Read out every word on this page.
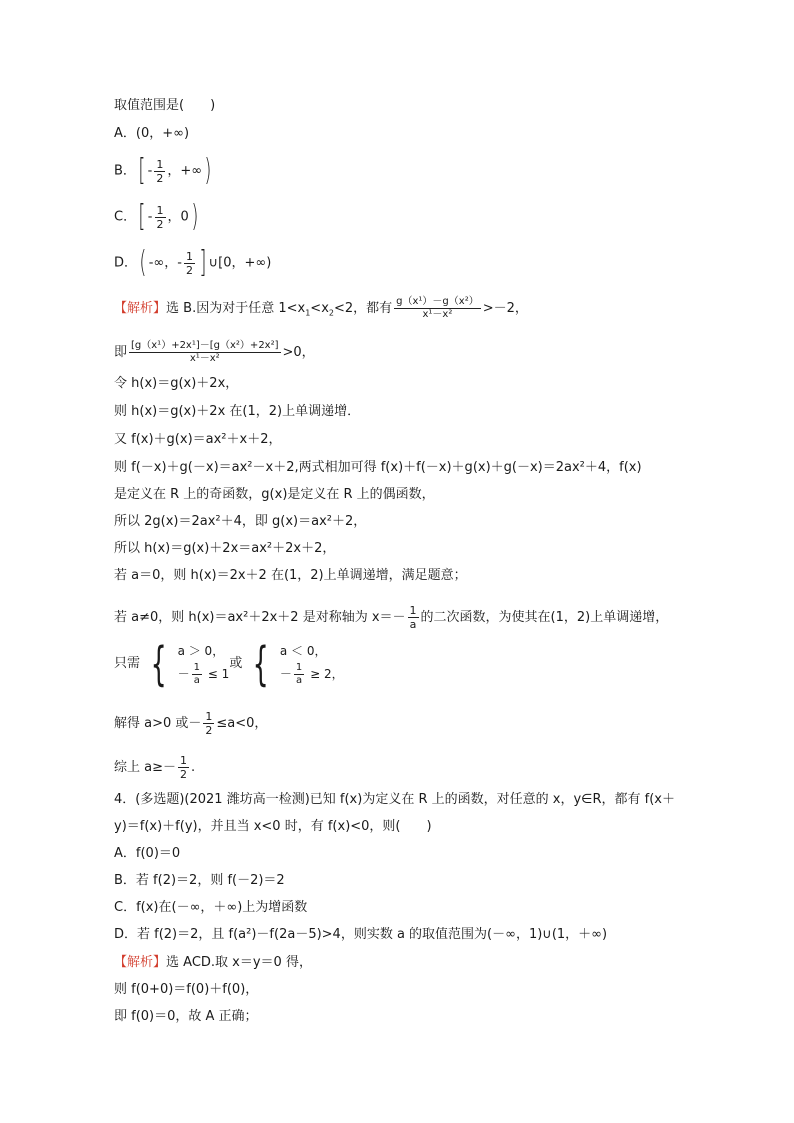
取值范围是(　　)
A．(0，+∞)
B．[ - $\frac{1}{2}$ ，+∞)
C．[ - $\frac{1}{2}$ ，0)
D．( -∞，- $\frac{1}{2}$ ] ∪[0，+∞)
【解析】选 B.因为对于任意 $1<x_1<x_2<2$，都有 $\frac{\text{g（x¹）－g（x²）}}{\text{x¹－x²}} >-2$，
即 $\frac{\text{[g（x¹）+2x¹]－[g（x²）+2x²]}}{\text{x¹－x²}} >0$，
令 h(x)＝g(x)＋2x，
则 h(x)＝g(x)＋2x 在(1，2)上单调递增．
又 f(x)＋g(x)＝ax²＋x＋2，
则 f(－x)＋g(－x)＝ax²－x＋2,两式相加可得 f(x)＋f(－x)＋g(x)＋g(－x)＝2ax²＋4，f(x)
是定义在 R 上的奇函数，g(x)是定义在 R 上的偶函数，
所以 2g(x)＝2ax²＋4，即 g(x)＝ax²＋2，
所以 h(x)＝g(x)＋2x＝ax²＋2x＋2，
若 a＝0，则 h(x)＝2x＋2 在(1，2)上单调递增，满足题意；
若 a≠0，则 h(x)＝ax²＋2x＋2 是对称轴为 $x=- \frac{1}{a}$ 的二次函数，为使其在(1，2)上单调递增，
只需 { a ＞ 0，
－ $\frac{1}{a} \le 1$
或 { a ＜ 0，
－ $\frac{1}{a} \ge 2$，
解得 a>0 或－ $\frac{1}{2} \le a<0$，
综上 $a\ge- \frac{1}{2}$ .
4．(多选题)(2021 潍坊高一检测)已知 f(x)为定义在 R 上的函数，对任意的 x，y∈R，都有 f(x＋
y)＝f(x)＋f(y)，并且当 x<0 时，有 f(x)<0，则(　　)
A．f(0)＝0
B．若 f(2)＝2，则 f(－2)＝2
C．f(x)在(－∞，＋∞)上为增函数
D．若 f(2)＝2，且 f(a²)－f(2a－5)>4，则实数 a 的取值范围为(－∞，1)∪(1，＋∞)
【解析】选 ACD.取 x＝y＝0 得，
则 f(0+0)＝f(0)＋f(0)，
即 f(0)＝0，故 A 正确；
